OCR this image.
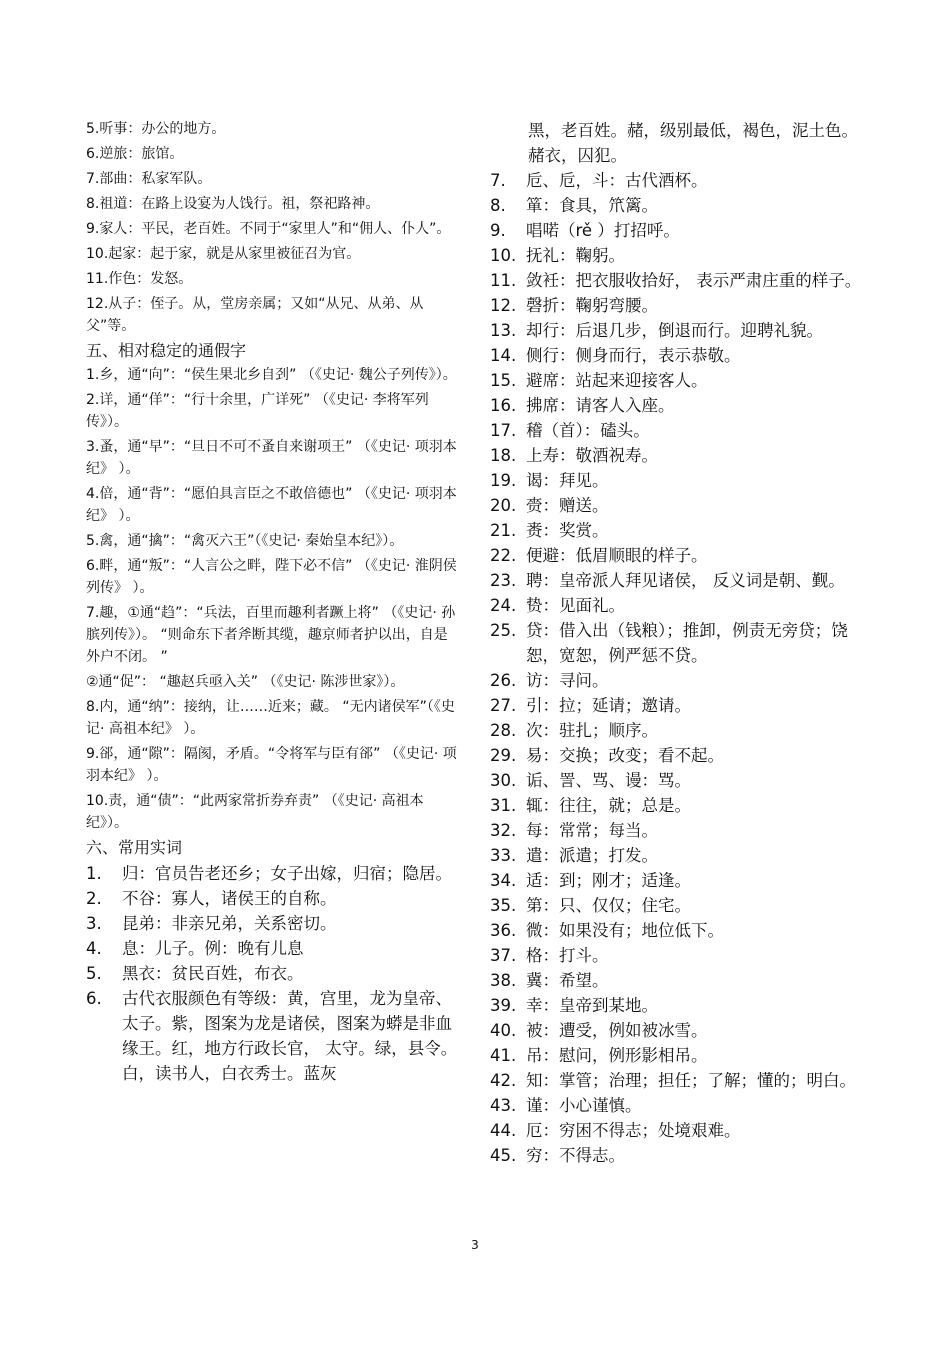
5.听事：办公的地方。
6.逆旅：旅馆。
7.部曲：私家军队。
8.祖道：在路上设宴为人饯行。祖，祭祀路神。
9.家人：平民，老百姓。不同于“家里人”和“佣人、仆人”。
10.起家：起于家，就是从家里被征召为官。
11.作色：发怒。
12.从子：侄子。从，堂房亲属；又如“从兄、从弟、从父”等。
五、相对稳定的通假字
1.乡，通“向”：“侯生果北乡自刭” （《史记· 魏公子列传》）。
2.详，通“佯”：“行十余里，广详死” （《史记· 李将军列传》）。
3.蚤，通“早”：“旦日不可不蚤自来谢项王” （《史记· 项羽本纪》 ）。
4.倍，通“背”：“愿伯具言臣之不敢倍德也” （《史记· 项羽本纪》 ）。
5.禽，通“擒”：“禽灭六王”（《史记· 秦始皇本纪》）。
6.畔，通“叛”：“人言公之畔，陛下必不信” （《史记· 淮阴侯列传》 ）。
7.趣，①通“趋”：“兵法，百里而趣利者蹶上将” （《史记· 孙膑列传》）。 “则命东下者斧断其缆，趣京师者护以出，自是外户不闭。 ”
②通“促”： “趣赵兵亟入关” （《史记· 陈涉世家》）。
8.内，通“纳”：接纳，让……近来；藏。 “无内诸侯军”（《史记· 高祖本纪》 ）。
9.郤，通“隙”：隔阂，矛盾。“令将军与臣有郤” （《史记· 项羽本纪》 ）。
10.责，通“债”：“此两家常折券弃责” （《史记· 高祖本纪》）。
六、常用实词
1.	归：官员告老还乡；女子出嫁，归宿；隐居。
2.	不谷：寡人，诸侯王的自称。
3.	昆弟：非亲兄弟，关系密切。
4.	息：儿子。例：晚有儿息
5.	黑衣：贫民百姓，布衣。
6.	古代衣服颜色有等级：黄，宫里，龙为皇帝、太子。紫，图案为龙是诸侯，图案为蟒是非血缘王。红，地方行政长官， 太守。绿，县令。白，读书人，白衣秀士。蓝灰
黑，老百姓。赭，级别最低，褐色，泥土色。赭衣，囚犯。
7.	卮、卮，斗：古代酒杯。
8.	箪：食具，笊篱。
9.	唱喏（rě ）打招呼。
10. 抚礼：鞠躬。
11. 敛衽：把衣服收拾好， 表示严肃庄重的样子。
12. 磬折：鞠躬弯腰。
13. 却行：后退几步，倒退而行。迎聘礼貌。
14. 侧行：侧身而行，表示恭敬。
15. 避席：站起来迎接客人。
16. 拂席：请客人入座。
17. 稽（首）：磕头。
18. 上寿：敬酒祝寿。
19. 谒：拜见。
20. 赍：赠送。
21. 赉：奖赏。
22. 便避：低眉顺眼的样子。
23. 聘：皇帝派人拜见诸侯， 反义词是朝、觐。
24. 贽：见面礼。
25. 贷：借入出（钱粮）；推卸，例责无旁贷；饶恕，宽恕，例严惩不贷。
26. 访：寻问。
27. 引：拉；延请；邀请。
28. 次：驻扎；顺序。
29. 易：交换；改变；看不起。
30. 诟、詈、骂、谩：骂。
31. 辄：往往，就；总是。
32. 每：常常；每当。
33. 遣：派遣；打发。
34. 适：到；刚才；适逢。
35. 第：只、仅仅；住宅。
36. 微：如果没有；地位低下。
37. 格：打斗。
38. 冀：希望。
39. 幸：皇帝到某地。
40. 被：遭受，例如被冰雪。
41. 吊：慰问，例形影相吊。
42. 知：掌管；治理；担任；了解；懂的；明白。
43. 谨：小心谨慎。
44. 厄：穷困不得志；处境艰难。
45. 穷：不得志。
3
